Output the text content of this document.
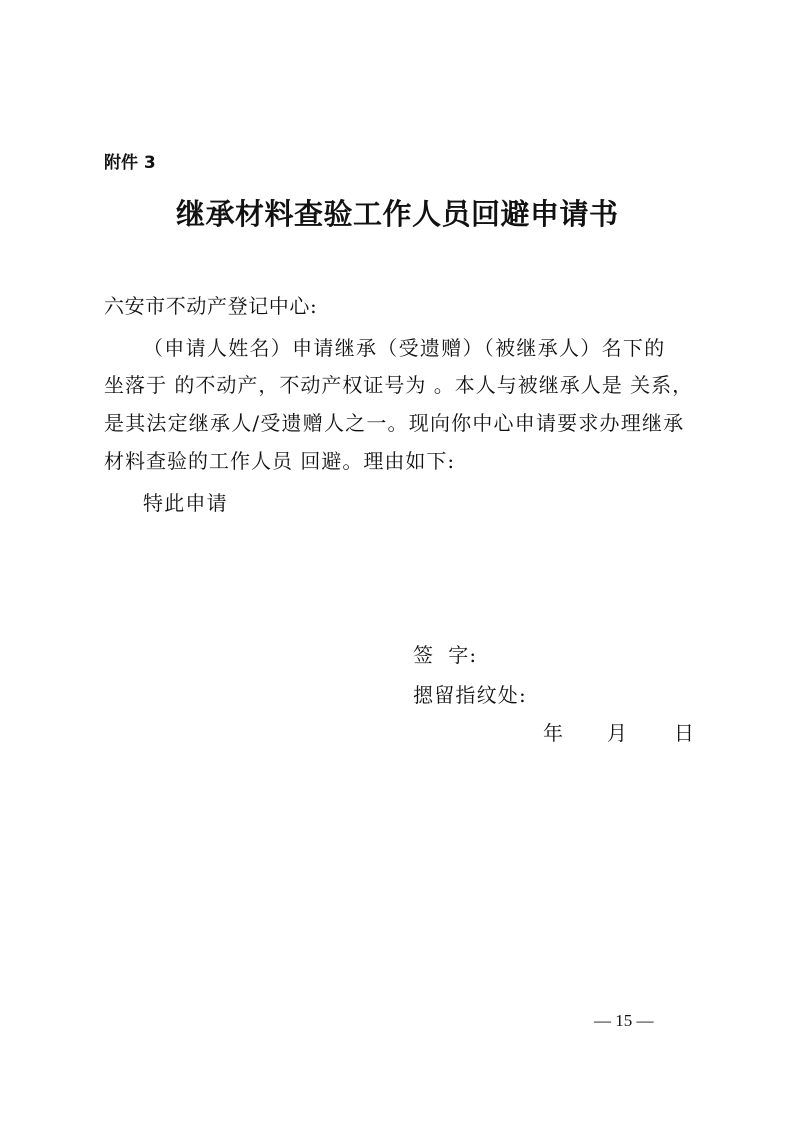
附件 3
继承材料查验工作人员回避申请书
六安市不动产登记中心:
（申请人姓名）申请继承（受遗赠）（被继承人）名下的
坐落于 的不动产，不动产权证号为 。本人与被继承人是 关系，
是其法定继承人/受遗赠人之一。现向你中心申请要求办理继承
材料查验的工作人员 回避。理由如下:
特此申请
签 字:
摁留指纹处:
年 月 日
— 15 —
